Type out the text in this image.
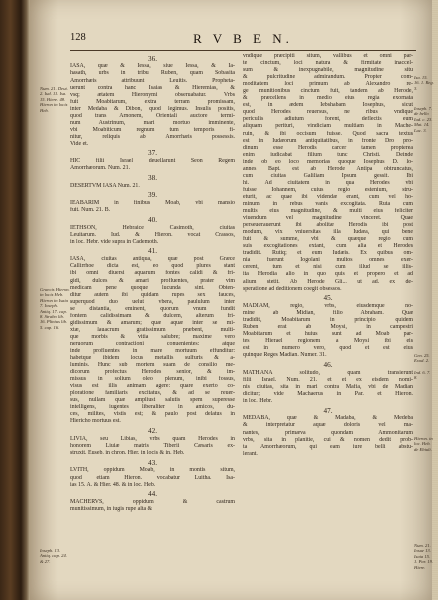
128	R V B E N.
36.
IASA, quæ & Iessa, siue Iessa, & Ia-
hasath, urbs in tribu Ruben, quam Sobasita
Amorrhæis attribuunt Leuitis. Propheta-
uerunt contra hanc Isaias & Hieremias, &
vsq; ætatem Hieronymi obseruabatur. Vrbs
fuit Moabitarum, extra terram promissam,
inter Medaba & Dibon, quod legimus. Insulis positis,
quod trans Arnonem, Orientali auctore termi-
num Austrinum, mari mortuo imminente,
vbi Moabiticum regnum tum temporis fi-
nitur, reliquis ab Amorrhæis possessis.
Vide et.
37.
HIC filii Israel deuellarunt Seon Regem
Amorrhæorum. Num. 21.
38.
DESERTVM IASA Num. 21.
39.
IEABARIM in finibus Moab, vbi mansio
fuit. Num. 21. B.
40.
IETHSON, Hebraice Casimoth, ciuitas
Leuitarum. Iud. & Hieron. vocat Crassos,
in loc. Hebr. vide supra in Cademoth.
41.
IASA, ciuitas antiqua, quæ post Græce
Callirrhoe dicta est, eo quod plures stant
ibi omni diuersi aquarum fontes calidi & fri-
gidi, dulces & amari profluentes, prater vim
medicam pene quoque lucunda sint. Obten-
ditur autem ibi quidam rupes sex fauces,
superquod duo uelut vbera, paululum inter
se distantia, eminent, quorum vnum fundit
fontem calidissimam & dulcem, alterum fri-
gidissimum & amarum; quæ aquæ inter se mi-
xtæ, lauacrum gratissimum præbent, multi-
que morbis & vitia salubre; maxime vero
neruorum contractioni conuenientes: atque
inde profluentes in mare mortuum effunditur:
habetque ibidem locus metallis sulfuris & a-
luminis. Hunc sub mortem suam de consilio me-
dicorum profectus Herodes senior, & im-
missus in solium oleo plenum, inibi fossus,
visus est illis animam agere: quare exerto co-
ploratione familiaris excitatus, & ad se reuer-
sus, nullam quæ ampliust salutis spem superesse
intelligens, iugentes liberaliter in amicos, du-
ces, milites, vistis est; & paulo post delatus in
Hiericho mortuus est.
42.
LIVIA, seu Libias, vrbs quam Herodes in
honorem Liuiæ matris Tiberii Cæsaris ex-
struxit. Euseb. in chron. Hier. in locis & in. Heb.
43.
LVITH, oppidum Moab, in montis situm,
quod etiam Hieron. vocabatur Luitha. Isa-
ias 15. A. & Hier. 48. & in loc. Heb.
44.
MACHERVS, oppidum & castrum
munitissimum, in iugis rupe alta &
vndique præcipiti situm, vallibus et omni par-
te cinctum, loci natura & firmitate inaccel-
sum & inexpugnabile, magnitudine situ
& pulcritudine admirandum. Propter com-
moditatem loci primum ab Alexandro re-
ge munitionibus cinctum fuit, tandem ab Herode,
& præcellens in medio eius regia exornata
est, in ædem Iebshabam Iosephus, sicut
quod Herodes reuersus, ne ribus vndique
periculis adiutum forent, deflectis eum
aliquam perituri, vindiciam multiam in Mache-
ruin, & ibi occisum fuisse. Quod sacra textus
est in Iudæorum antiquitatibus, in fronte Dro pro-
dinum esse Herodis carcer tamen propterea
enim iudicabat filium tunc Christi. Deinde
inde ob eo loco memorias quoque Iosephus D. lo-
annes Bapt. est ab Herode Antipa obtruncatus,
cum ciuitas Galiliam Ipsum gessit. Ibi
hi. Ad ciuitatem in qua Herodes vbi
fuisse Iohannem, cuius regio estenium, stru-
eturit, ac quae ibi videndæ erant, cum vel ho-
minum in rebus vanis excogitata. Ruta cum
multis eius magnitudine, & multi eius feliciter
viuendum vel magnitudine vinceret. Quae
perseuerauerunt ibi abolitæ Herodis ibi post
modum, vix vniuersitas illa Iudæa, qui bene
fuit & summe, vbi & quæque regio cum
suis excogitationes extant, cum alia et Herodes
tradidit. Rutiq; et eum Iudæis. Ex quibus om-
nia fuerunt Iogolani multos omnes exer-
cerent, tum et nisi cum illud se illis-
ita Herodia alio in quo quis et propero et ad
alium stetit. Ab Herode Gli... ut ad. ex de-
speratione ad deditionem coegit obsessos.
45.
MADIAM, regio, vrbs, eiusdemque no-
mine ab Midian, filio Abraham. Quæ
tradidit, Moabitarum in principio quidem
Ruben erat ab Moysi, in campestri
Moabitarum et huius sunt ad Moab par-
tes Hierael regionem a Moysi ibi eis
est in numero vero, quod et est eius
quinque Reges Madian. Numer. 31.
46.
MATHANA solitudo, quam transierunt
filii Israel. Num. 21. et et ex eisdem nomi-
nis ciuitas, sita in mari contra Mafia, vbi de Madian
dicitur; vide Machaerus in Par. et Hieron.
in loc. Hebr.
47.
MEDABA, quæ & Madaba, & Medeba
& interpretatur aquæ doloris vel ma-
nantes, primæva quondam Ammonitarum
vrbs, sita in planitie, cui & nomen dedit prob-
ta Amorrhæorum, qui eam iure belli abstu-
lerant.
Num. 21. Deut. 2. Iud. 11. Isa. 15. Hiere. 48. Hieron in locis Heb.
Graecis Hieron. in locis Heb. Hieron in Isaia 7. Ioseph. Antiq. 17. cap. 8. Strabo lib. 16. Plinius lib. 5. cap. 16.
Ioseph. 13. Antiq. cap. 24. & 27.
Isa. 15. 16. 1. Reg. 3.
Ioseph. 7. de bello Iud. c. 23. Mat. 14. Luc. 3.
Gen. 25. Exod. 2.
Ind. 6. 7. 8.
Hieron. in loc. Heb. de Ebiuli.
Num. 21. Iosue 13. Isaia 15. 1. Par. 19. Hiere.
